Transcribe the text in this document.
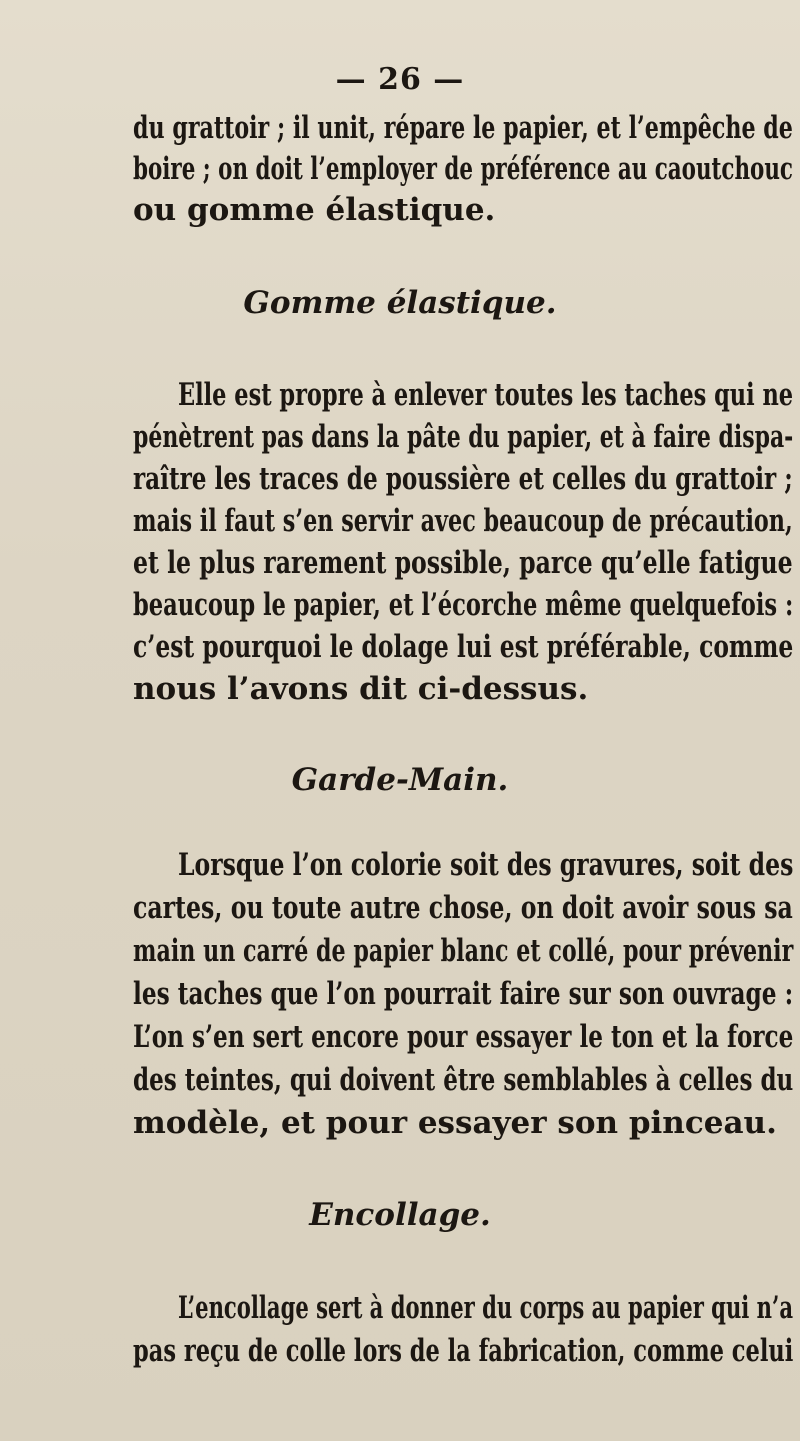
— 26 —
du grattoir ; il unit, répare le papier, et l’empêche de
boire ; on doit l’employer de préférence au caoutchouc
ou gomme élastique.
Gomme élastique.
Elle est propre à enlever toutes les taches qui ne
pénètrent pas dans la pâte du papier, et à faire dispa-
raître les traces de poussière et celles du grattoir ;
mais il faut s’en servir avec beaucoup de précaution,
et le plus rarement possible, parce qu’elle fatigue
beaucoup le papier, et l’écorche même quelquefois :
c’est pourquoi le dolage lui est préférable, comme
nous l’avons dit ci-dessus.
Garde-Main.
Lorsque l’on colorie soit des gravures, soit des
cartes, ou toute autre chose, on doit avoir sous sa
main un carré de papier blanc et collé, pour prévenir
les taches que l’on pourrait faire sur son ouvrage :
L’on s’en sert encore pour essayer le ton et la force
des teintes, qui doivent être semblables à celles du
modèle, et pour essayer son pinceau.
Encollage.
L’encollage sert à donner du corps au papier qui n’a
pas reçu de colle lors de la fabrication, comme celui
